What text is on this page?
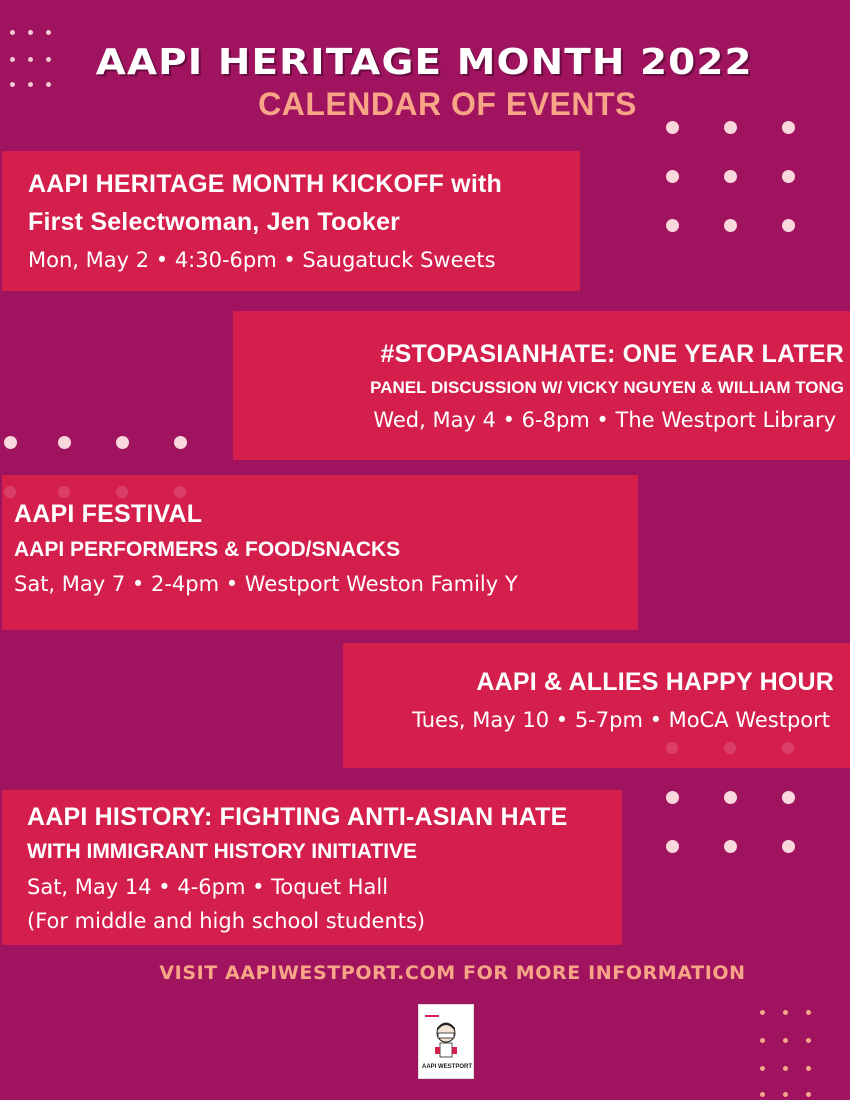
AAPI HERITAGE MONTH 2022
CALENDAR OF EVENTS
AAPI HERITAGE MONTH KICKOFF with
First Selectwoman, Jen Tooker
Mon, May 2 • 4:30-6pm • Saugatuck Sweets
#STOPASIANHATE: ONE YEAR LATER
PANEL DISCUSSION W/ VICKY NGUYEN & WILLIAM TONG
Wed, May 4 • 6-8pm • The Westport Library
AAPI FESTIVAL
AAPI PERFORMERS & FOOD/SNACKS
Sat, May 7 • 2-4pm • Westport Weston Family Y
AAPI & ALLIES HAPPY HOUR
Tues, May 10 • 5-7pm • MoCA Westport
AAPI HISTORY: FIGHTING ANTI-ASIAN HATE
WITH IMMIGRANT HISTORY INITIATIVE
Sat, May 14 • 4-6pm • Toquet Hall
(For middle and high school students)
VISIT AAPIWESTPORT.COM FOR MORE INFORMATION
AAPI WESTPORT
